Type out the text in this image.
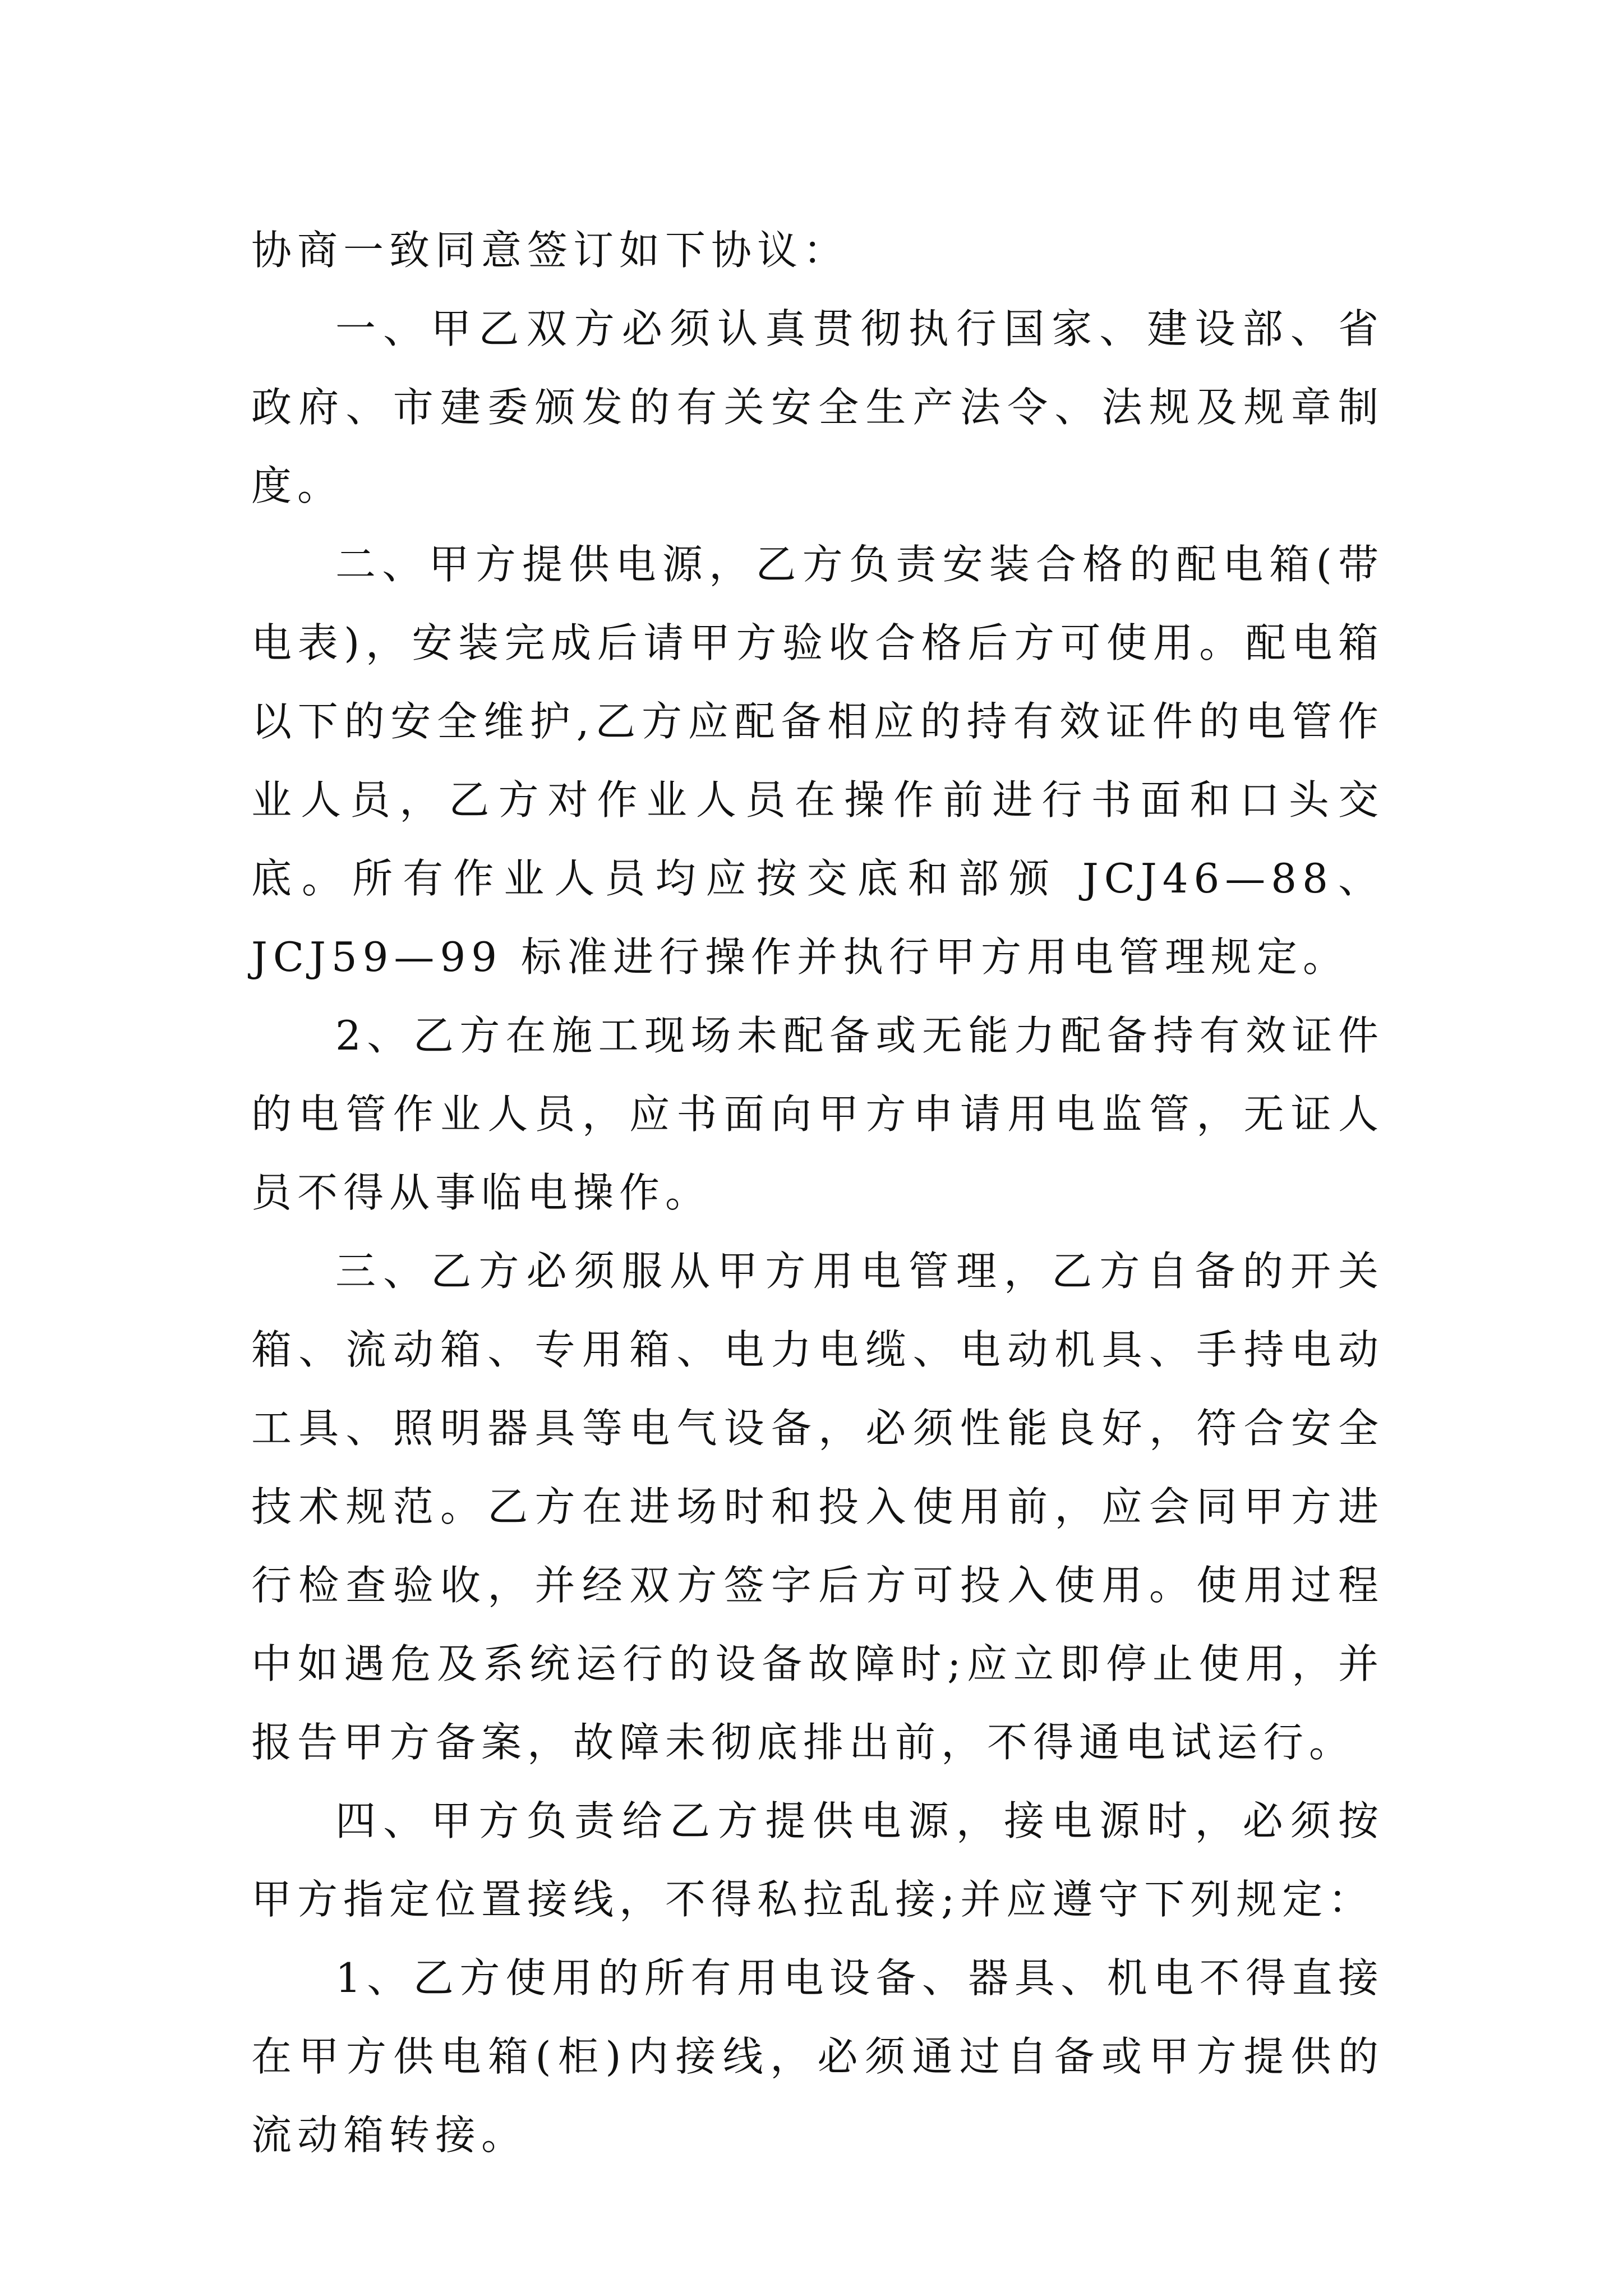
协商一致同意签订如下协议：

一、甲乙双方必须认真贯彻执行国家、建设部、省政府、市建委颁发的有关安全生产法令、法规及规章制度。

二、甲方提供电源，乙方负责安装合格的配电箱(带电表)，安装完成后请甲方验收合格后方可使用。配电箱以下的安全维护,乙方应配备相应的持有效证件的电管作业人员，乙方对作业人员在操作前进行书面和口头交底。所有作业人员均应按交底和部颁 JCJ46—88、JCJ59—99 标准进行操作并执行甲方用电管理规定。

2、乙方在施工现场未配备或无能力配备持有效证件的电管作业人员，应书面向甲方申请用电监管，无证人员不得从事临电操作。

三、乙方必须服从甲方用电管理，乙方自备的开关箱、流动箱、专用箱、电力电缆、电动机具、手持电动工具、照明器具等电气设备，必须性能良好，符合安全技术规范。乙方在进场时和投入使用前，应会同甲方进行检查验收，并经双方签字后方可投入使用。使用过程中如遇危及系统运行的设备故障时;应立即停止使用，并报告甲方备案，故障未彻底排出前，不得通电试运行。

四、甲方负责给乙方提供电源，接电源时，必须按甲方指定位置接线，不得私拉乱接;并应遵守下列规定：

1、乙方使用的所有用电设备、器具、机电不得直接在甲方供电箱(柜)内接线，必须通过自备或甲方提供的流动箱转接。
